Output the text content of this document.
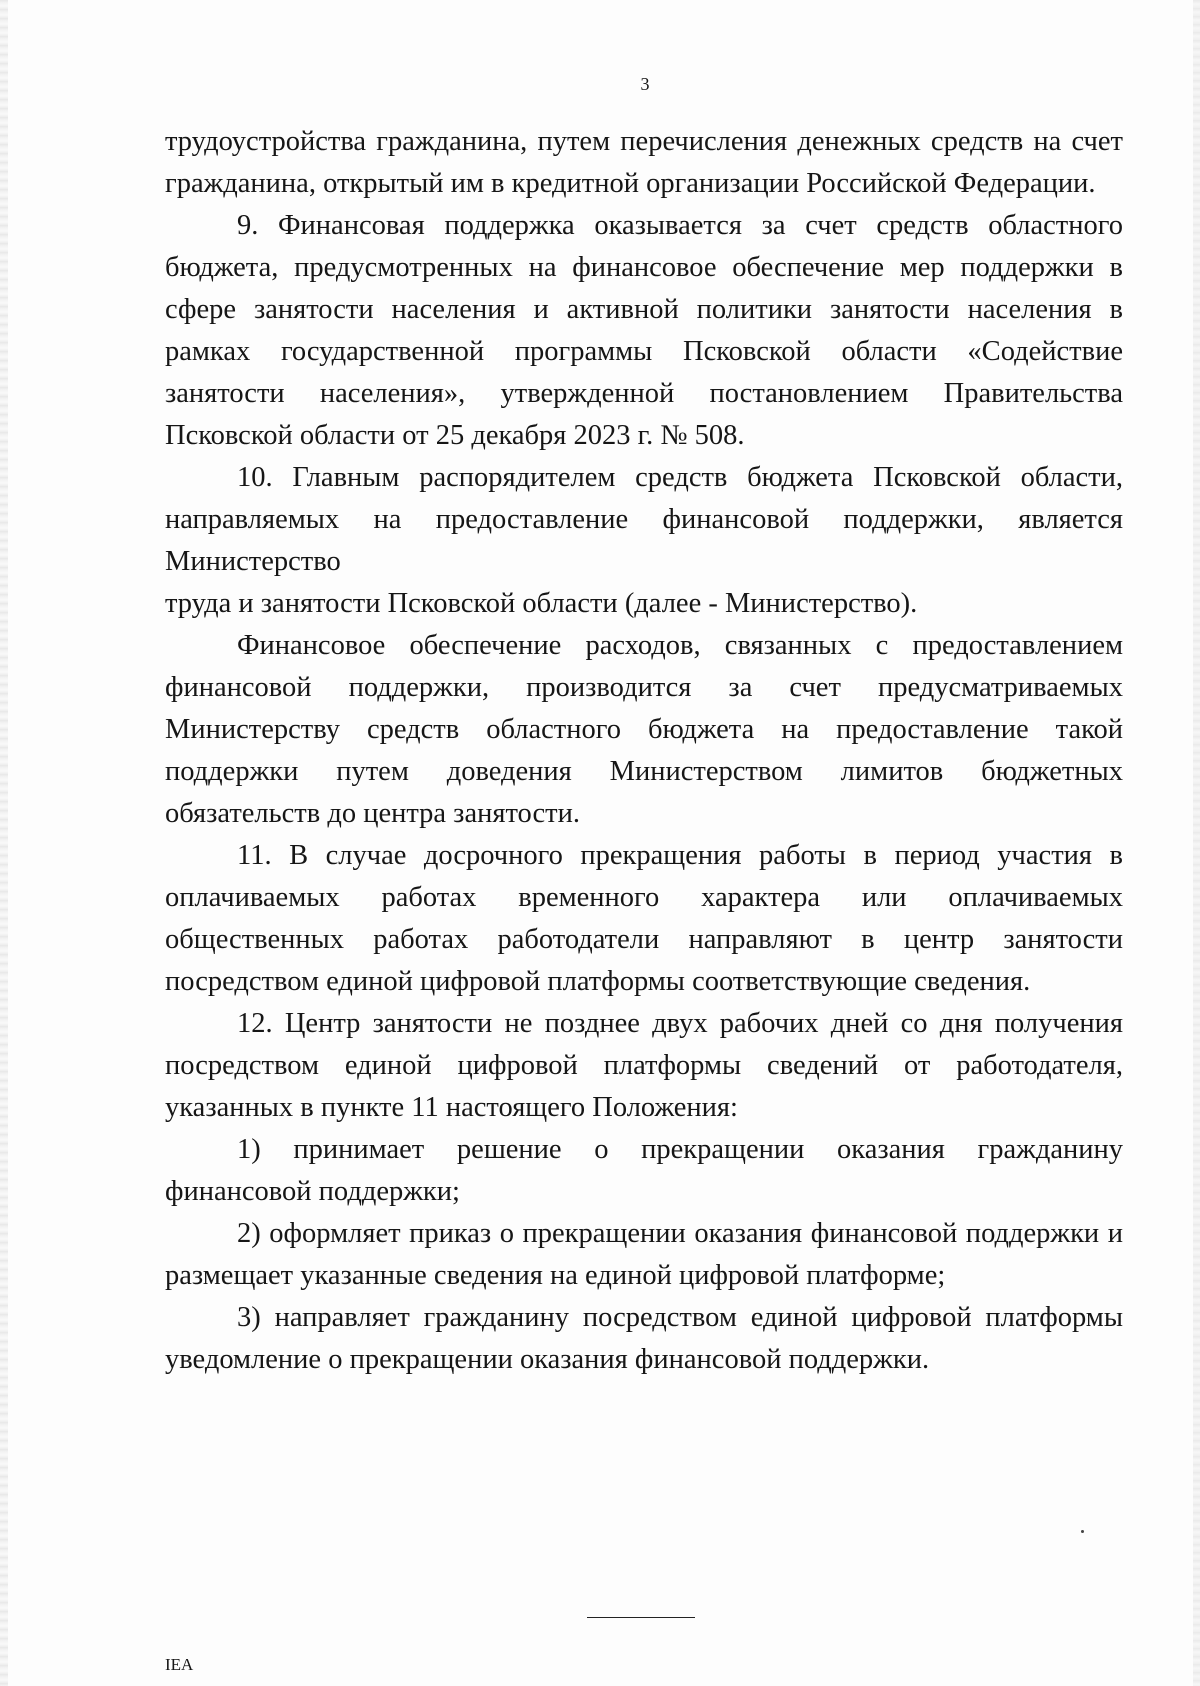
3

трудоустройства гражданина, путем перечисления денежных средств на счет гражданина, открытый им в кредитной организации Российской Федерации.

9. Финансовая поддержка оказывается за счет средств областного бюджета, предусмотренных на финансовое обеспечение мер поддержки в сфере занятости населения и активной политики занятости населения в рамках государственной программы Псковской области «Содействие занятости населения», утвержденной постановлением Правительства Псковской области от 25 декабря 2023 г. № 508.

10. Главным распорядителем средств бюджета Псковской области, направляемых на предоставление финансовой поддержки, является Министерство

труда и занятости Псковской области (далее - Министерство).

Финансовое обеспечение расходов, связанных с предоставлением финансовой поддержки, производится за счет предусматриваемых Министерству средств областного бюджета на предоставление такой поддержки путем доведения Министерством лимитов бюджетных обязательств до центра занятости.

11. В случае досрочного прекращения работы в период участия в оплачиваемых работах временного характера или оплачиваемых общественных работах работодатели направляют в центр занятости посредством единой цифровой платформы соответствующие сведения.

12. Центр занятости не позднее двух рабочих дней со дня получения посредством единой цифровой платформы сведений от работодателя, указанных в пункте 11 настоящего Положения:

1) принимает решение о прекращении оказания гражданину финансовой поддержки;

2) оформляет приказ о прекращении оказания финансовой поддержки и размещает указанные сведения на единой цифровой платформе;

3) направляет гражданину посредством единой цифровой платформы уведомление о прекращении оказания финансовой поддержки.

IEA
